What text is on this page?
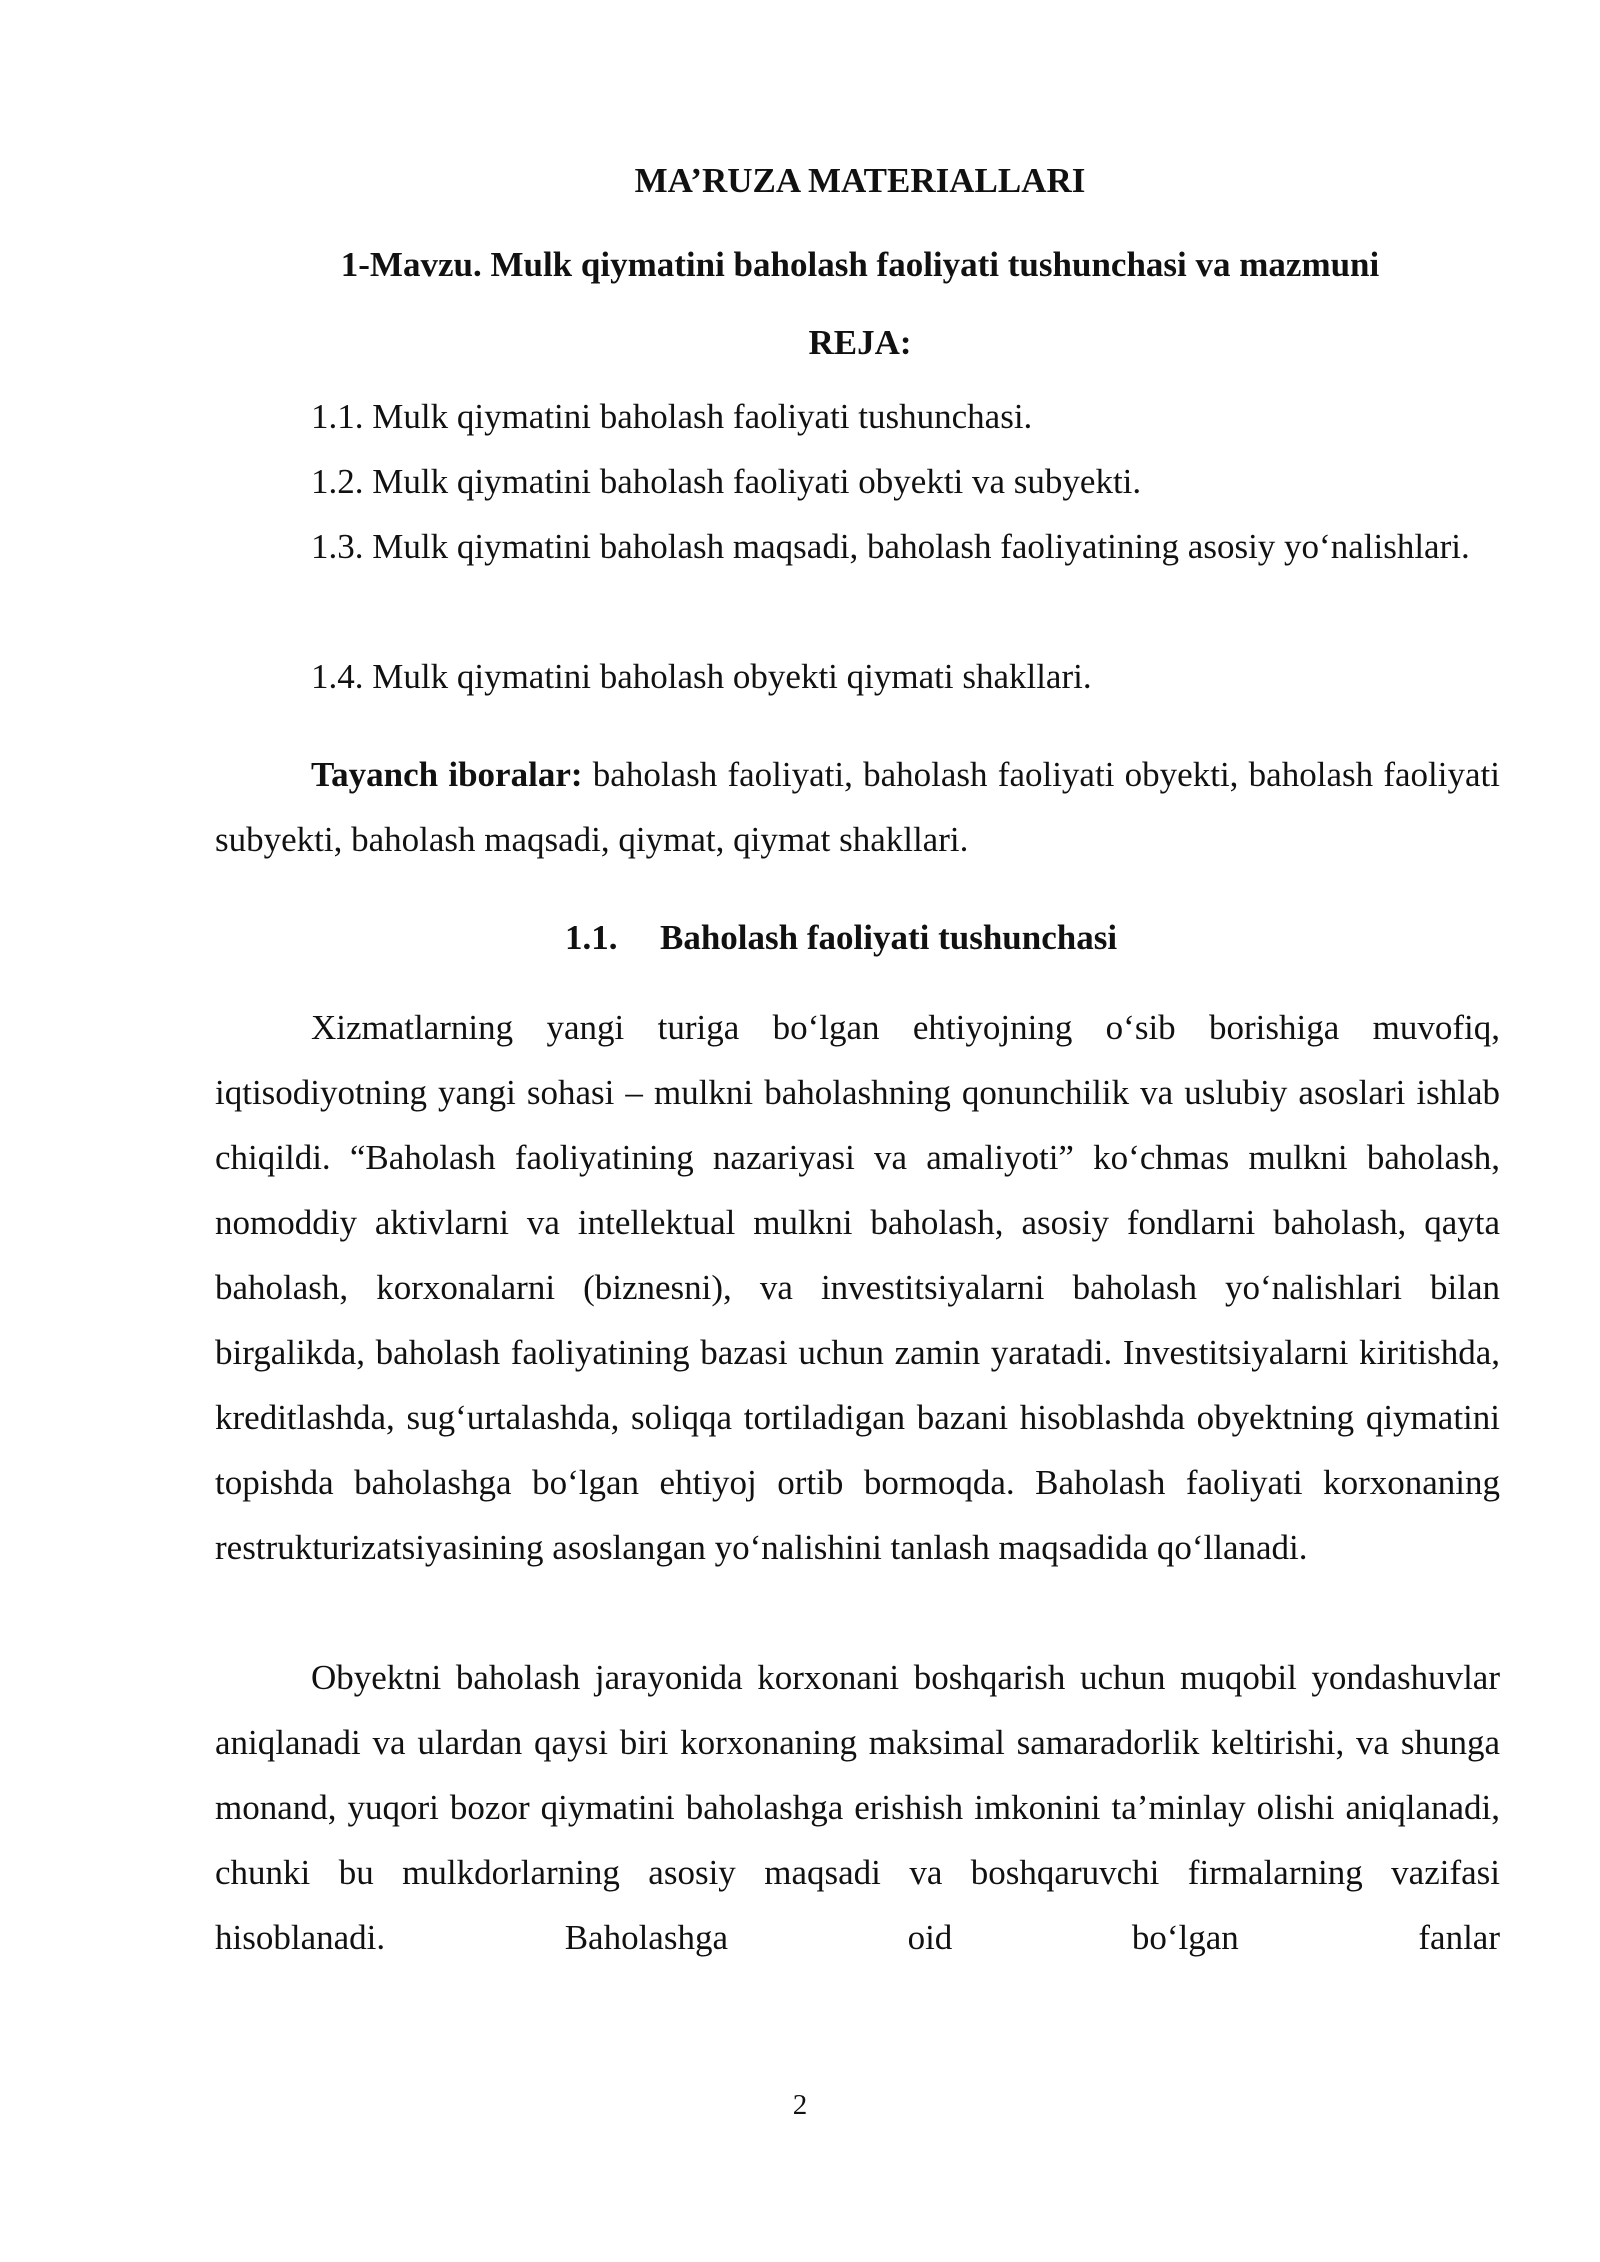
MA’RUZA MATERIALLARI
1-Mavzu. Mulk qiymatini baholash faoliyati tushunchasi va mazmuni
REJA:
1.1. Mulk qiymatini baholash faoliyati tushunchasi.
1.2. Mulk qiymatini baholash faoliyati obyekti va subyekti.
1.3. Mulk qiymatini baholash maqsadi, baholash faoliyatining asosiy yo‘nalishlari.
1.4. Mulk qiymatini baholash obyekti qiymati shakllari.
Tayanch iboralar: baholash faoliyati, baholash faoliyati obyekti, baholash faoliyati subyekti, baholash maqsadi, qiymat, qiymat shakllari.
1.1. Baholash faoliyati tushunchasi
Xizmatlarning yangi turiga bo‘lgan ehtiyojning o‘sib borishiga muvofiq, iqtisodiyotning yangi sohasi – mulkni baholashning qonunchilik va uslubiy asoslari ishlab chiqildi. “Baholash faoliyatining nazariyasi va amaliyoti” ko‘chmas mulkni baholash, nomoddiy aktivlarni va intellektual mulkni baholash, asosiy fondlarni baholash, qayta baholash, korxonalarni (biznesni), va investitsiyalarni baholash yo‘nalishlari bilan birgalikda, baholash faoliyatining bazasi uchun zamin yaratadi. Investitsiyalarni kiritishda, kreditlashda, sug‘urtalashda, soliqqa tortiladigan bazani hisoblashda obyektning qiymatini topishda baholashga bo‘lgan ehtiyoj ortib bormoqda. Baholash faoliyati korxonaning restrukturizatsiyasining asoslangan yo‘nalishini tanlash maqsadida qo‘llanadi.
Obyektni baholash jarayonida korxonani boshqarish uchun muqobil yondashuvlar aniqlanadi va ulardan qaysi biri korxonaning maksimal samaradorlik keltirishi, va shunga monand, yuqori bozor qiymatini baholashga erishish imkonini ta’minlay olishi aniqlanadi, chunki bu mulkdorlarning asosiy maqsadi va boshqaruvchi firmalarning vazifasi hisoblanadi. Baholashga oid bo‘lgan fanlar
2
